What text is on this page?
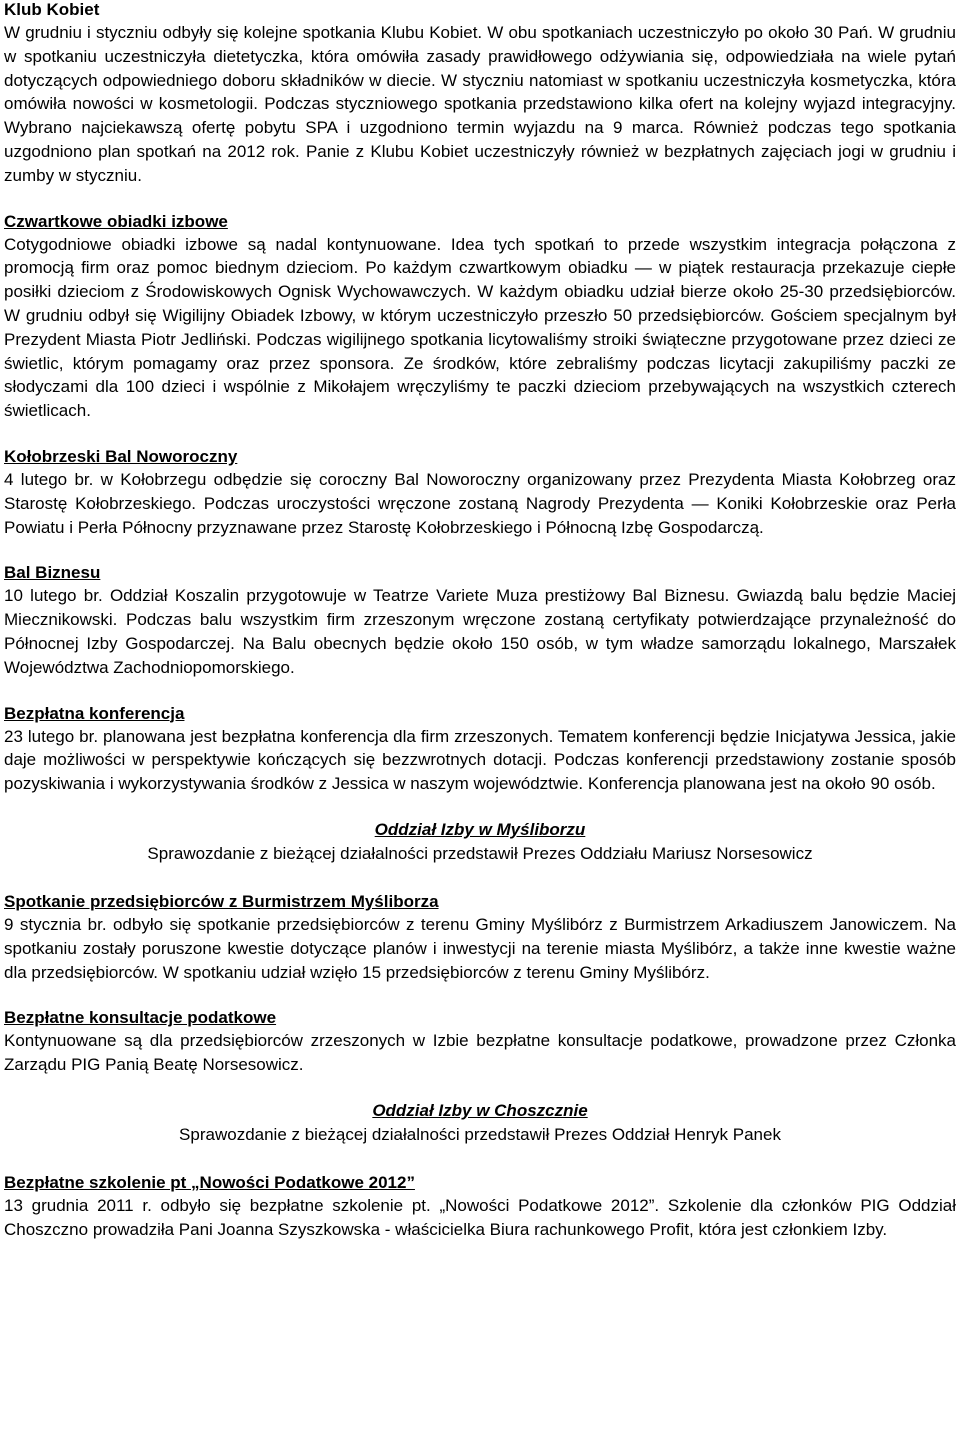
Klub Kobiet

W grudniu i styczniu odbyły się kolejne spotkania Klubu Kobiet. W obu spotkaniach uczestniczyło po około 30 Pań. W grudniu w spotkaniu uczestniczyła dietetyczka, która omówiła zasady prawidłowego odżywiania się, odpowiedziała na wiele pytań dotyczących odpowiedniego doboru składników w diecie. W styczniu natomiast w spotkaniu uczestniczyła kosmetyczka, która omówiła nowości w kosmetologii. Podczas styczniowego spotkania przedstawiono kilka ofert na kolejny wyjazd integracyjny. Wybrano najciekawszą ofertę pobytu SPA i uzgodniono termin wyjazdu na 9 marca. Również podczas tego spotkania uzgodniono plan spotkań na 2012 rok. Panie z Klubu Kobiet uczestniczyły również w bezpłatnych zajęciach jogi w grudniu i zumby w styczniu.

Czwartkowe obiadki izbowe

Cotygodniowe obiadki izbowe są nadal kontynuowane. Idea tych spotkań to przede wszystkim integracja połączona z promocją firm oraz pomoc biednym dzieciom. Po każdym czwartkowym obiadku — w piątek restauracja przekazuje ciepłe posiłki dzieciom z Środowiskowych Ognisk Wychowawczych. W każdym obiadku udział bierze około 25-30 przedsiębiorców. W grudniu odbył się Wigilijny Obiadek Izbowy, w którym uczestniczyło przeszło 50 przedsiębiorców. Gościem specjalnym był Prezydent Miasta Piotr Jedliński. Podczas wigilijnego spotkania licytowaliśmy stroiki świąteczne przygotowane przez dzieci ze świetlic, którym pomagamy oraz przez sponsora. Ze środków, które zebraliśmy podczas licytacji zakupiliśmy paczki ze słodyczami dla 100 dzieci i wspólnie z Mikołajem wręczyliśmy te paczki dzieciom przebywających na wszystkich czterech świetlicach.

Kołobrzeski Bal Noworoczny

4 lutego br. w Kołobrzegu odbędzie się coroczny Bal Noworoczny organizowany przez Prezydenta Miasta Kołobrzeg oraz Starostę Kołobrzeskiego. Podczas uroczystości wręczone zostaną Nagrody Prezydenta — Koniki Kołobrzeskie oraz Perła Powiatu i Perła Północny przyznawane przez Starostę Kołobrzeskiego i Północną Izbę Gospodarczą.

Bal Biznesu

10 lutego br. Oddział Koszalin przygotowuje w Teatrze Variete Muza prestiżowy Bal Biznesu. Gwiazdą balu będzie Maciej Miecznikowski. Podczas balu wszystkim firm zrzeszonym wręczone zostaną certyfikaty potwierdzające przynależność do Północnej Izby Gospodarczej. Na Balu obecnych będzie około 150 osób, w tym władze samorządu lokalnego, Marszałek Województwa Zachodniopomorskiego.

Bezpłatna konferencja

23 lutego br. planowana jest bezpłatna konferencja dla firm zrzeszonych. Tematem konferencji będzie Inicjatywa Jessica, jakie daje możliwości w perspektywie kończących się bezzwrotnych dotacji. Podczas konferencji przedstawiony zostanie sposób pozyskiwania i wykorzystywania środków z Jessica w naszym województwie. Konferencja planowana jest na około 90 osób.

Oddział Izby w Myśliborzu
Sprawozdanie z bieżącej działalności przedstawił Prezes Oddziału Mariusz Norsesowicz
Spotkanie przedsiębiorców z Burmistrzem Myśliborza

9 stycznia br. odbyło się spotkanie przedsiębiorców z terenu Gminy Myślibórz z Burmistrzem Arkadiuszem Janowiczem. Na spotkaniu zostały poruszone kwestie dotyczące planów i inwestycji na terenie miasta Myślibórz, a także inne kwestie ważne dla przedsiębiorców. W spotkaniu udział wzięło 15 przedsiębiorców z terenu Gminy Myślibórz.

Bezpłatne konsultacje podatkowe

Kontynuowane są dla przedsiębiorców zrzeszonych w Izbie bezpłatne konsultacje podatkowe, prowadzone przez Członka Zarządu PIG Panią Beatę Norsesowicz.

Oddział Izby w Choszcznie
Sprawozdanie z bieżącej działalności przedstawił Prezes Oddział Henryk Panek
Bezpłatne szkolenie pt „Nowości Podatkowe 2012”

13 grudnia 2011 r. odbyło się bezpłatne szkolenie pt. „Nowości Podatkowe 2012”. Szkolenie dla członków PIG Oddział Choszczno prowadziła Pani Joanna Szyszkowska - właścicielka Biura rachunkowego Profit, która jest członkiem Izby.
